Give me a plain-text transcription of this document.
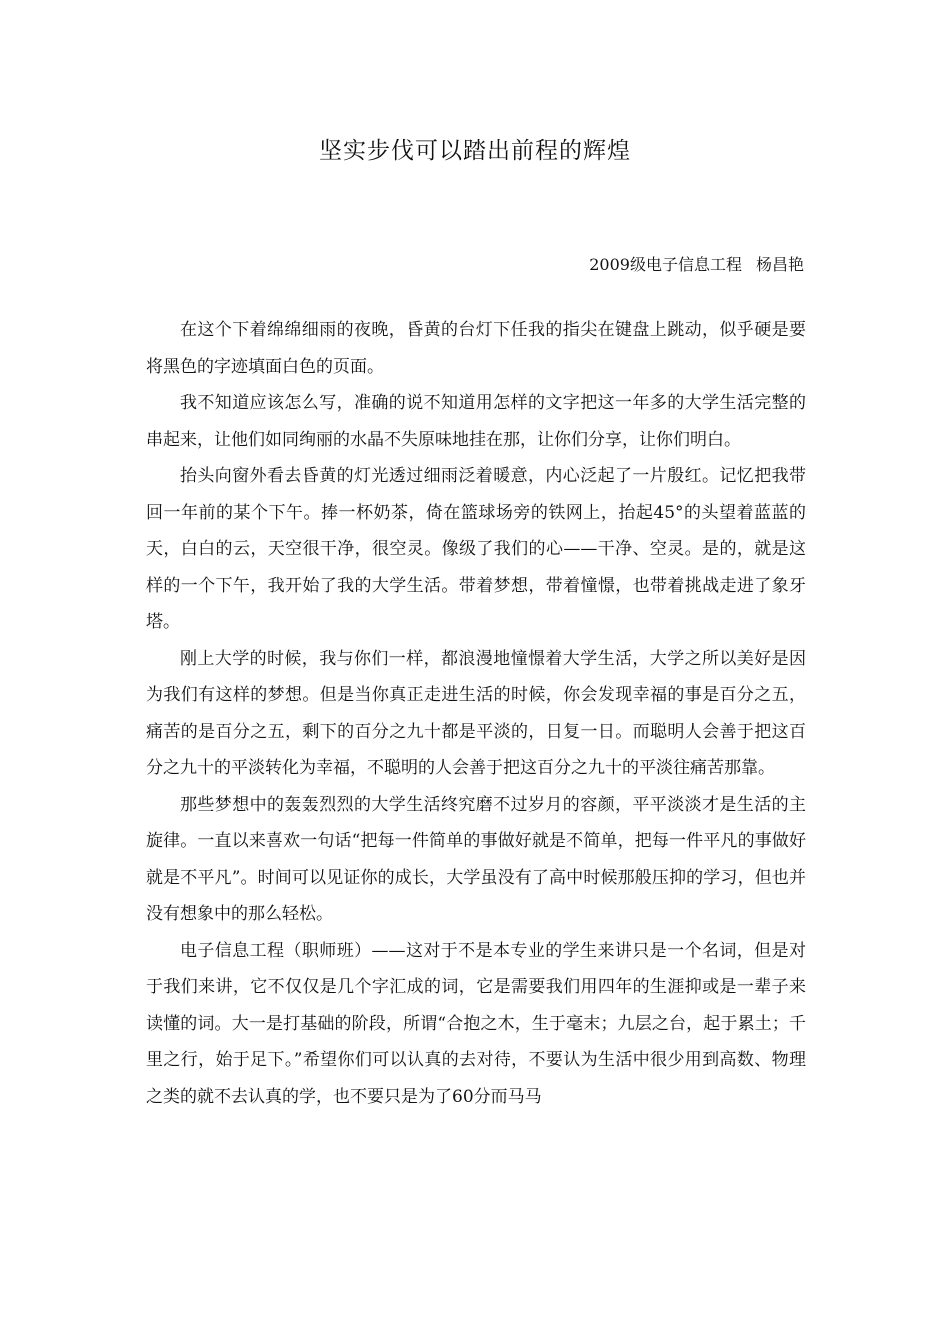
坚实步伐可以踏出前程的辉煌
2009级电子信息工程 杨昌艳

在这个下着绵绵细雨的夜晚，昏黄的台灯下任我的指尖在键盘上跳动，似乎硬是要将黑色的字迹填面白色的页面。

我不知道应该怎么写，准确的说不知道用怎样的文字把这一年多的大学生活完整的串起来，让他们如同绚丽的水晶不失原味地挂在那，让你们分享，让你们明白。

抬头向窗外看去昏黄的灯光透过细雨泛着暖意，内心泛起了一片殷红。记忆把我带回一年前的某个下午。捧一杯奶茶，倚在篮球场旁的铁网上，抬起45°的头望着蓝蓝的天，白白的云，天空很干净，很空灵。像级了我们的心——干净、空灵。是的，就是这样的一个下午，我开始了我的大学生活。带着梦想，带着憧憬，也带着挑战走进了象牙塔。

刚上大学的时候，我与你们一样，都浪漫地憧憬着大学生活，大学之所以美好是因为我们有这样的梦想。但是当你真正走进生活的时候，你会发现幸福的事是百分之五，痛苦的是百分之五，剩下的百分之九十都是平淡的，日复一日。而聪明人会善于把这百分之九十的平淡转化为幸福，不聪明的人会善于把这百分之九十的平淡往痛苦那靠。

那些梦想中的轰轰烈烈的大学生活终究磨不过岁月的容颜，平平淡淡才是生活的主旋律。一直以来喜欢一句话“把每一件简单的事做好就是不简单，把每一件平凡的事做好就是不平凡”。时间可以见证你的成长，大学虽没有了高中时候那般压抑的学习，但也并没有想象中的那么轻松。

电子信息工程（职师班）——这对于不是本专业的学生来讲只是一个名词，但是对于我们来讲，它不仅仅是几个字汇成的词，它是需要我们用四年的生涯抑或是一辈子来读懂的词。大一是打基础的阶段，所谓“合抱之木，生于毫末；九层之台，起于累土；千里之行，始于足下。”希望你们可以认真的去对待，不要认为生活中很少用到高数、物理之类的就不去认真的学，也不要只是为了60分而马马
